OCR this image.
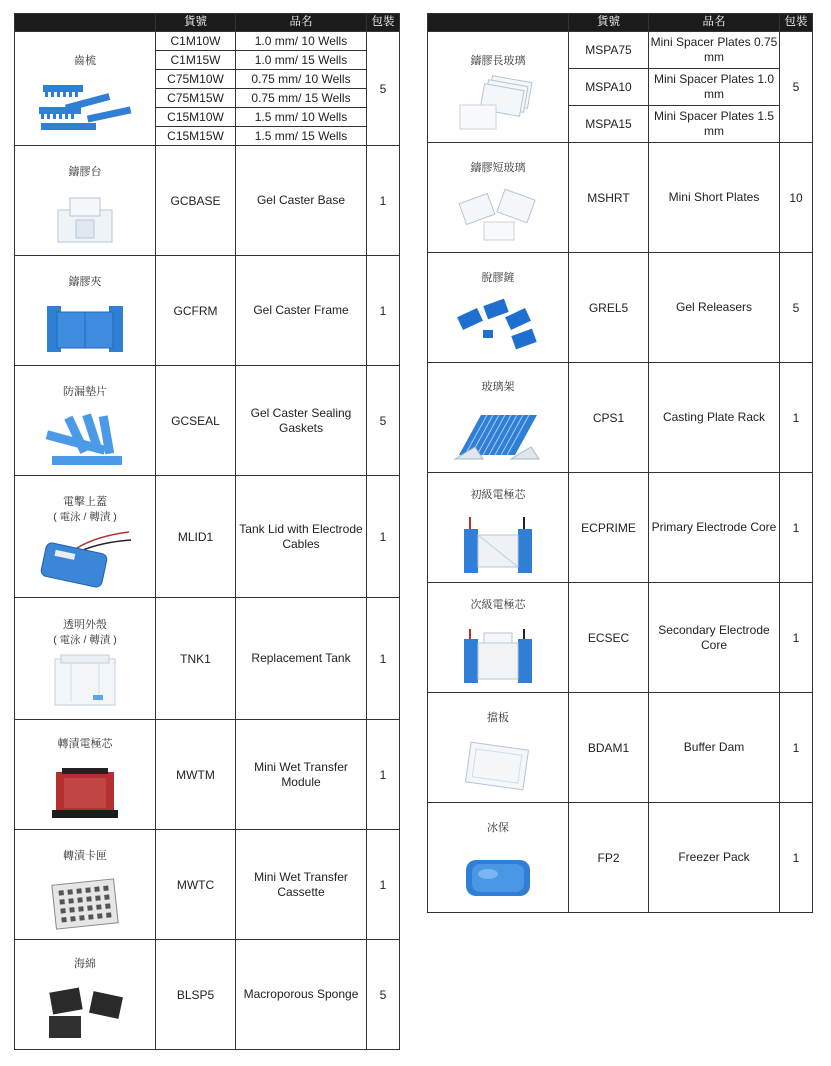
	貨號	品名	包裝

齒梳	C1M10W	1.0 mm/ 10 Wells	5
	C1M15W	1.0 mm/ 15 Wells	
	C75M10W	0.75 mm/ 10 Wells	
	C75M15W	0.75 mm/ 15 Wells	
	C15M10W	1.5 mm/ 10 Wells	
	C15M15W	1.5 mm/ 15 Wells	

鑄膠台	GCBASE	Gel Caster Base	1

鑄膠夾	GCFRM	Gel Caster Frame	1

防漏墊片	GCSEAL	Gel Caster Sealing Gaskets	5

電擊上蓋
( 電泳 / 轉漬 )	MLID1	Tank Lid with Electrode Cables	1

透明外殼
( 電泳 / 轉漬 )	TNK1	Replacement Tank	1

轉漬電極芯	MWTM	Mini Wet Transfer Module	1

轉漬卡匣	MWTC	Mini Wet Transfer Cassette	1

海綿	BLSP5	Macroporous Sponge	5
	貨號	品名	包裝

鑄膠長玻璃	MSPA75	Mini Spacer Plates 0.75 mm	5
	MSPA10	Mini Spacer Plates 1.0 mm	
	MSPA15	Mini Spacer Plates 1.5 mm	

鑄膠短玻璃	MSHRT	Mini Short Plates	10

脫膠鏟	GREL5	Gel Releasers	5

玻璃架	CPS1	Casting Plate Rack	1

初級電極芯	ECPRIME	Primary Electrode Core	1

次級電極芯	ECSEC	Secondary Electrode Core	1

擋板	BDAM1	Buffer Dam	1

冰保	FP2	Freezer Pack	1
